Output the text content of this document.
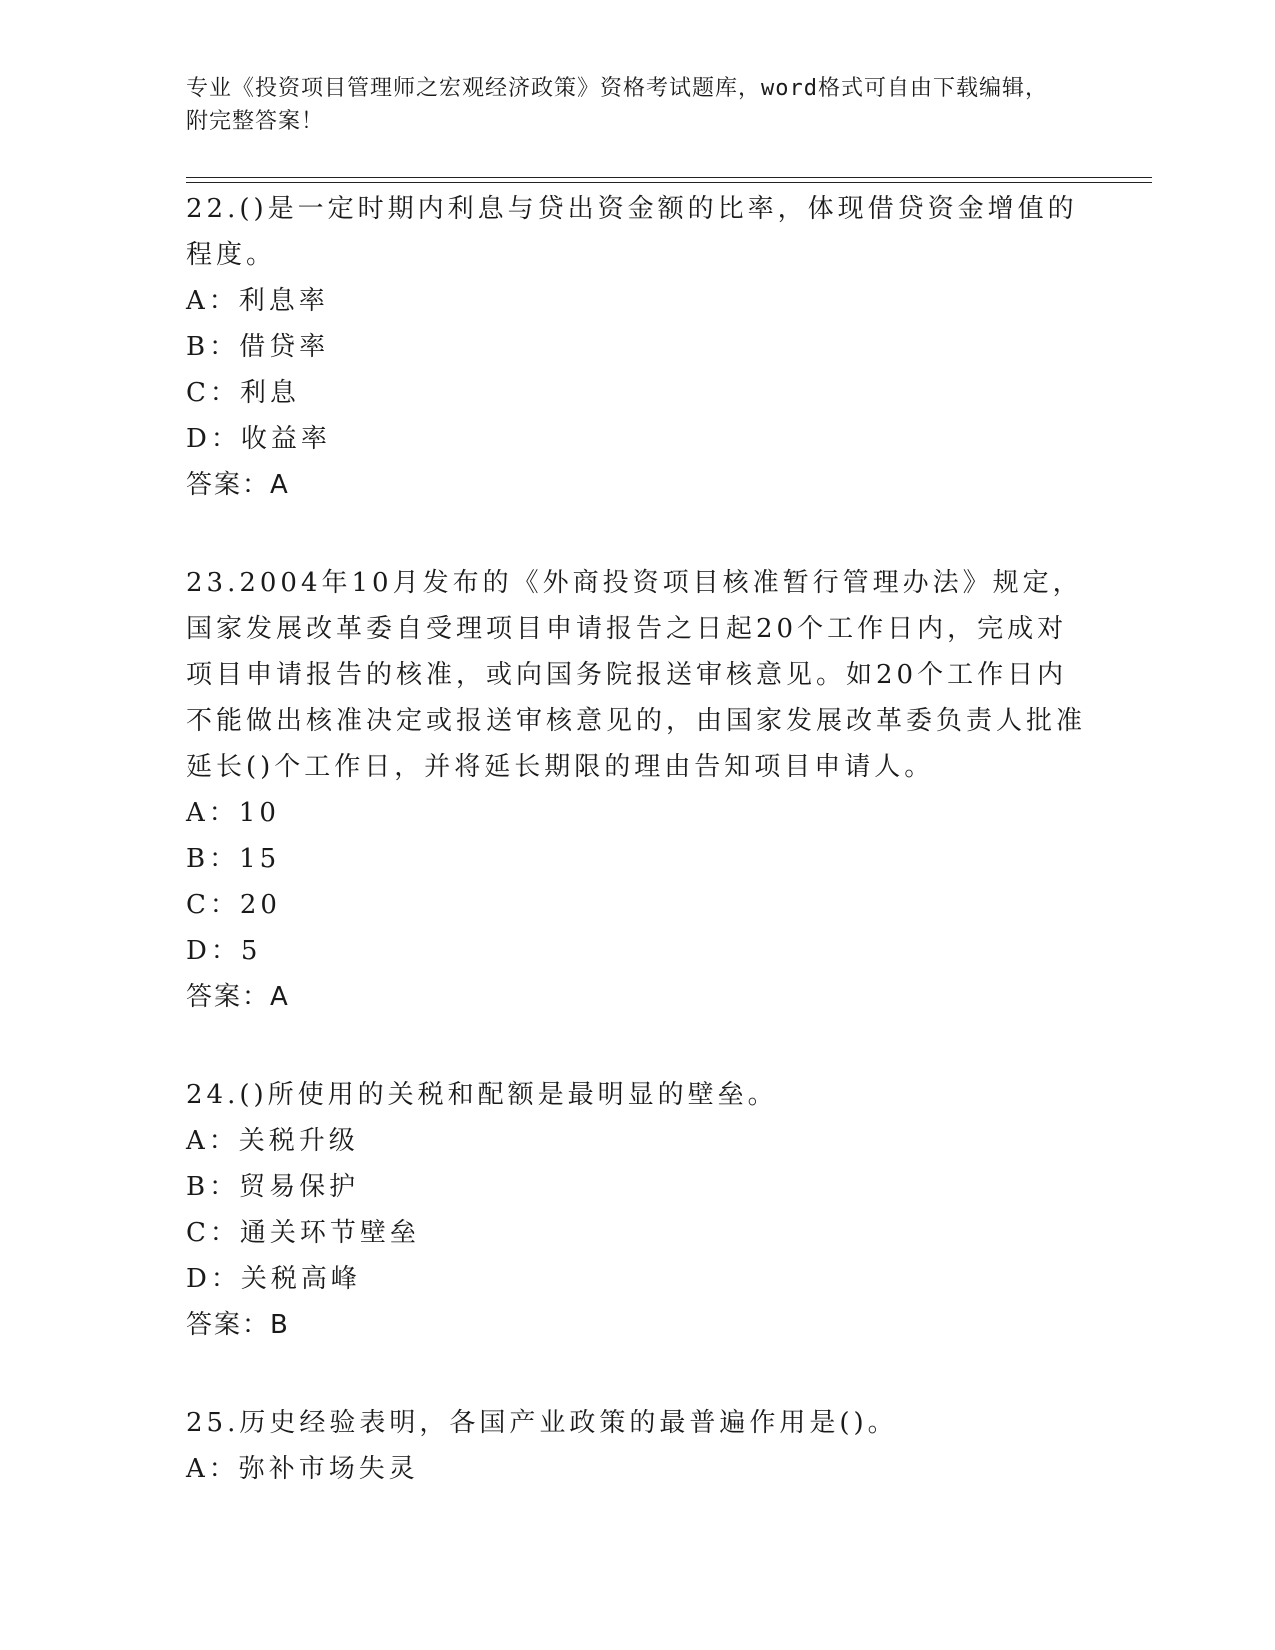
专业《投资项目管理师之宏观经济政策》资格考试题库，word格式可自由下载编辑，附完整答案！

22.()是一定时期内利息与贷出资金额的比率，体现借贷资金增值的程度。

A：利息率

B：借贷率

C：利息

D：收益率

答案：A

23.2004年10月发布的《外商投资项目核准暂行管理办法》规定，国家发展改革委自受理项目申请报告之日起20个工作日内，完成对项目申请报告的核准，或向国务院报送审核意见。如20个工作日内不能做出核准决定或报送审核意见的，由国家发展改革委负责人批准延长()个工作日，并将延长期限的理由告知项目申请人。

A：10

B：15

C：20

D：5

答案：A

24.()所使用的关税和配额是最明显的壁垒。

A：关税升级

B：贸易保护

C：通关环节壁垒

D：关税高峰

答案：B

25.历史经验表明，各国产业政策的最普遍作用是()。

A：弥补市场失灵
